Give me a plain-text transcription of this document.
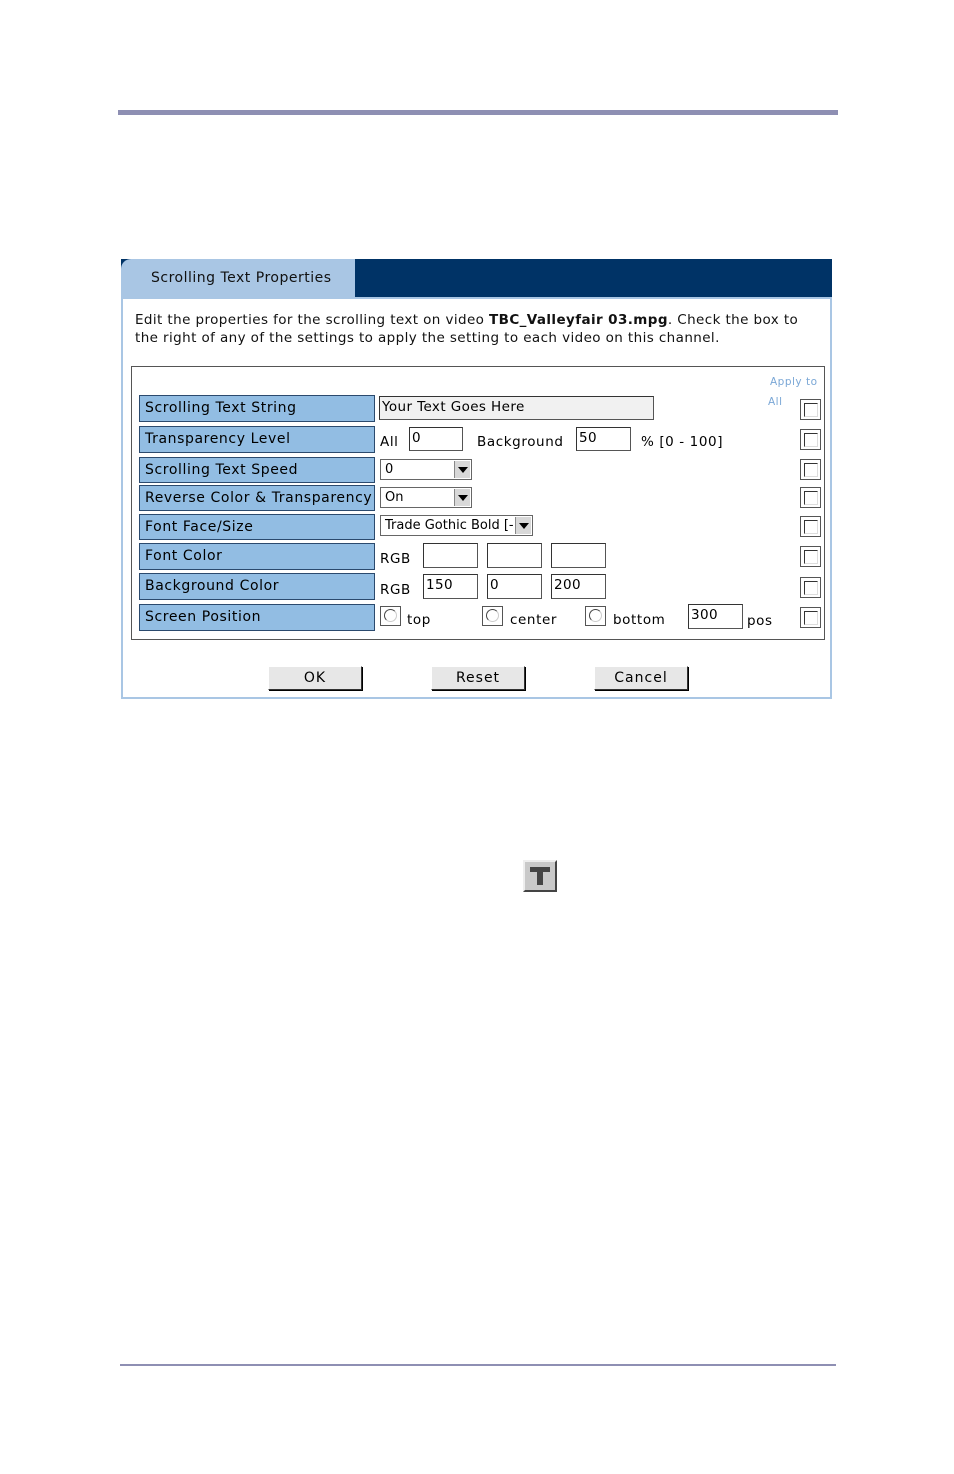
Scrolling Text Properties
Edit the properties for the scrolling text on video TBC_Valleyfair 03.mpg. Check the box to the right of any of the settings to apply the setting to each video on this channel.
Apply to
All
Scrolling Text String	Your Text Goes Here
Transparency Level	All 0	Background 50	% [0 - 100]
Scrolling Text Speed	0
Reverse Color & Transparency On
Font Face/Size	Trade Gothic Bold [-
Font Color	RGB
Background Color	RGB 150	0	200
Screen Position	top	center	bottom 300	pos
OK	Reset	Cancel
